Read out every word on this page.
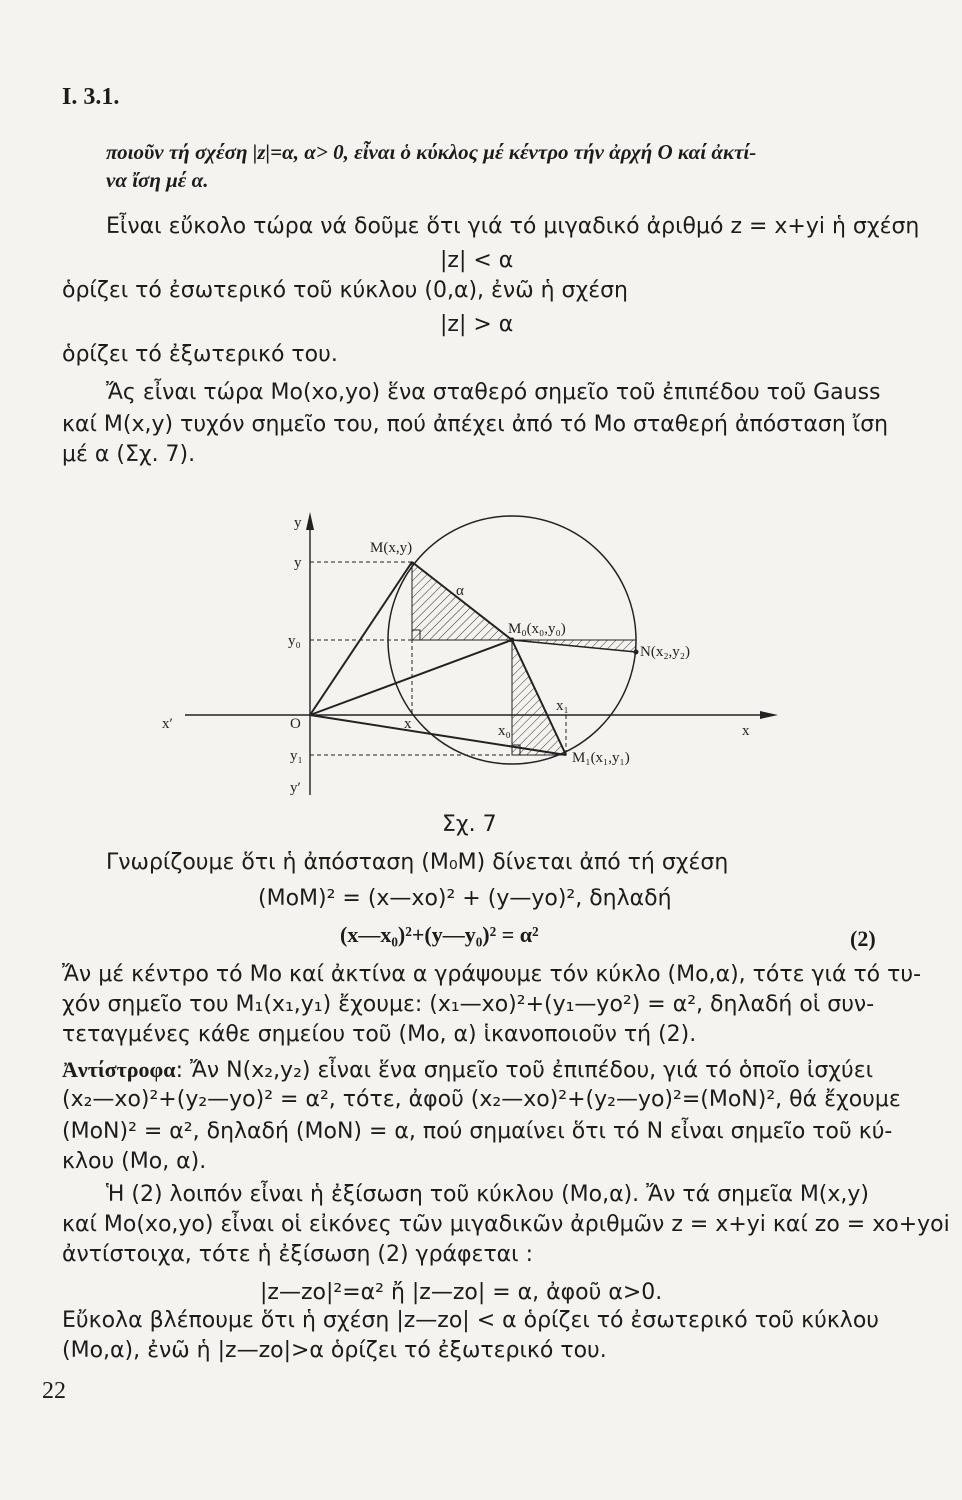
Ι. 3.1.
ποιοῦν τή σχέση |z|=α, α> 0, εἶναι ὁ κύκλος μέ κέντρο τήν ἀρχή Ο καί ἀκτί-
να ἴση μέ α.
Εἶναι εὔκολο τώρα νά δοῦμε ὅτι γιά τό μιγαδικό ἀριθμό z = x+yi ἡ σχέση
|z| < α
ὁρίζει τό ἐσωτερικό τοῦ κύκλου (0,α), ἐνῶ ἡ σχέση
|z| > α
ὁρίζει τό ἐξωτερικό του.
Ἄς εἶναι τώρα Μο(xο,yο) ἕνα σταθερό σημεῖο τοῦ ἐπιπέδου τοῦ Gauss
καί Μ(x,y) τυχόν σημεῖο του, πού ἀπέχει ἀπό τό Μο σταθερή ἀπόσταση ἴση
μέ α (Σχ. 7).
y
y
y₀
x′	O	x
y₁
y′
M(x,y)
α
M₀(x₀,y₀)
N(x₂,y₂)
x₁
x	x₀
M₁(x₁,y₁)
Σχ. 7
Γνωρίζουμε ὅτι ἡ ἀπόσταση (Μ₀Μ) δίνεται ἀπό τή σχέση
(ΜοΜ)² = (x—xο)² + (y—yο)², δηλαδή
(x—x₀)²+(y—y₀)² = α²	(2)
Ἄν μέ κέντρο τό Μο καί ἀκτίνα α γράψουμε τόν κύκλο (Μο,α), τότε γιά τό τυ-
χόν σημεῖο του Μ₁(x₁,y₁) ἔχουμε: (x₁—xο)²+(y₁—yο²) = α², δηλαδή οἱ συν-
τεταγμένες κάθε σημείου τοῦ (Μο, α) ἱκανοποιοῦν τή (2).
Ἀντίστροφα: Ἄν Ν(x₂,y₂) εἶναι ἕνα σημεῖο τοῦ ἐπιπέδου, γιά τό ὁποῖο ἰσχύει
(x₂—xο)²+(y₂—yο)² = α², τότε, ἀφοῦ (x₂—xο)²+(y₂—yο)²=(ΜοΝ)², θά ἔχουμε
(ΜοΝ)² = α², δηλαδή (ΜοΝ) = α, πού σημαίνει ὅτι τό Ν εἶναι σημεῖο τοῦ κύ-
κλου (Μο, α).
Ἡ (2) λοιπόν εἶναι ἡ ἐξίσωση τοῦ κύκλου (Μο,α). Ἄν τά σημεῖα Μ(x,y)
καί Μο(xο,yο) εἶναι οἱ εἰκόνες τῶν μιγαδικῶν ἀριθμῶν z = x+yi καί zο = xο+yοi
ἀντίστοιχα, τότε ἡ ἐξίσωση (2) γράφεται :
|z—zο|²=α² ἤ |z—zο| = α, ἀφοῦ α>0.
Εὔκολα βλέπουμε ὅτι ἡ σχέση |z—zο| < α ὁρίζει τό ἐσωτερικό τοῦ κύκλου
(Μο,α), ἐνῶ ἡ |z—zο|>α ὁρίζει τό ἐξωτερικό του.
22
